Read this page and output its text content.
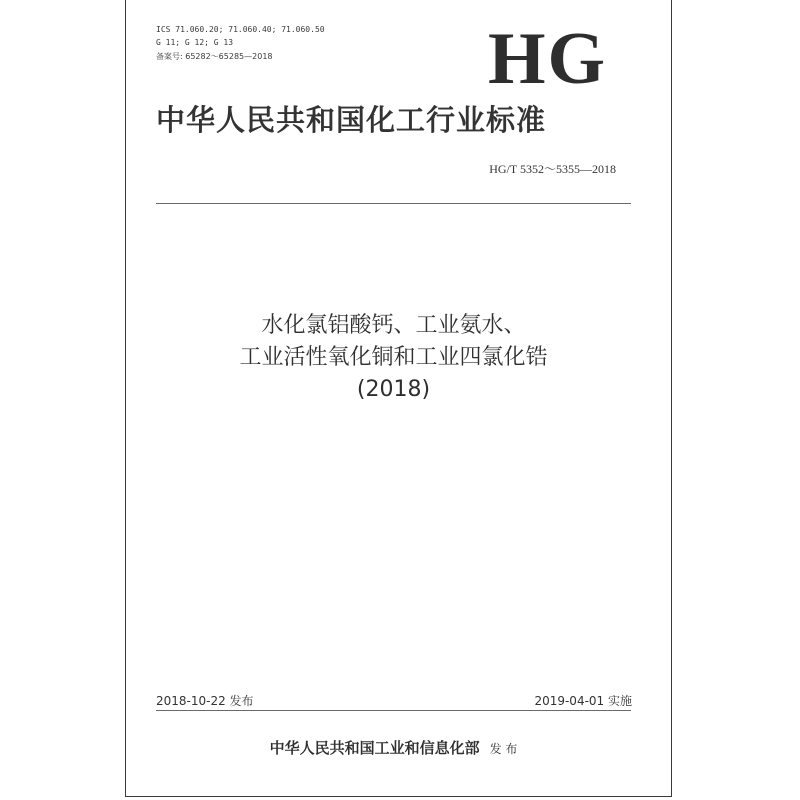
ICS 71.060.20; 71.060.40; 71.060.50
G 11; G 12; G 13
备案号: 65282～65285—2018	HG
中华人民共和国化工行业标准
HG/T 5352～5355—2018
水化氯铝酸钙、工业氨水、
工业活性氧化铜和工业四氯化锆
(2018)
2018-10-22 发布	2019-04-01 实施
中华人民共和国工业和信息化部 发 布
